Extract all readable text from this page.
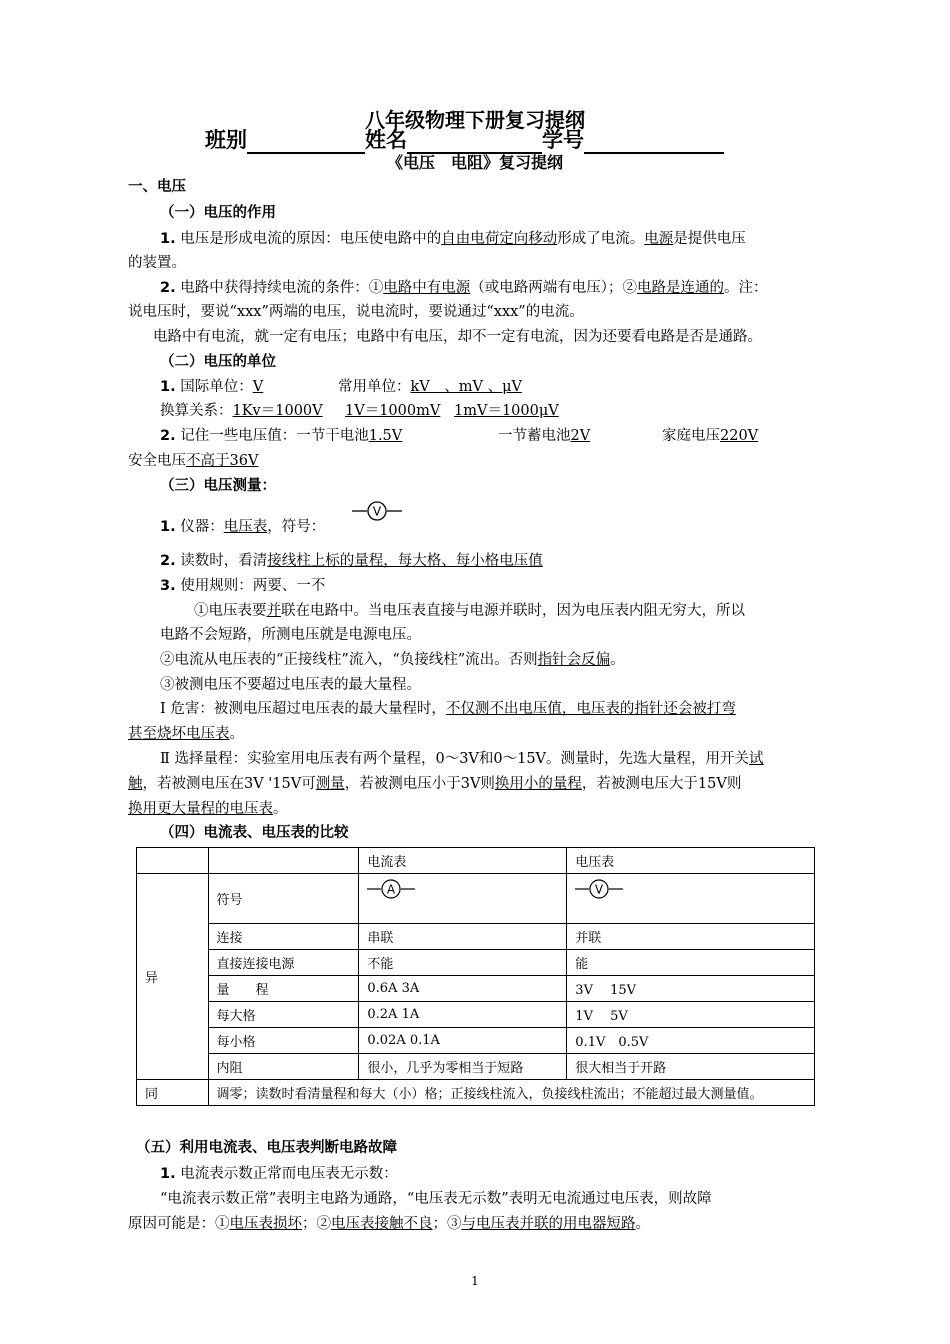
八年级物理下册复习提纲
班别	姓名	学号
《电压　电阻》复习提纲
一、电压
（一）电压的作用
1. 电压是形成电流的原因：电压使电路中的自由电荷定向移动形成了电流。电源是提供电压
的装置。
2. 电路中获得持续电流的条件：①电路中有电源（或电路两端有电压）；②电路是连通的。注：
说电压时，要说“xxx”两端的电压，说电流时，要说通过“xxx”的电流。
电路中有电流，就一定有电压；电路中有电压，却不一定有电流，因为还要看电路是否是通路。
（二）电压的单位
1. 国际单位：V	常用单位：kV　、mV 、μV
换算关系：1Kv＝1000V 1V＝1000mV 1mV＝1000μV
2. 记住一些电压值：一节干电池1.5V	一节蓄电池2V	家庭电压220V
安全电压不高于36V
（三）电压测量：
1. 仪器：电压表，符号：
V
2. 读数时，看清接线柱上标的量程，每大格、每小格电压值
3. 使用规则：两要、一不
①电压表要并联在电路中。当电压表直接与电源并联时，因为电压表内阻无穷大，所以
电路不会短路，所测电压就是电源电压。
②电流从电压表的“正接线柱”流入，“负接线柱”流出。否则指针会反偏。
③被测电压不要超过电压表的最大量程。
Ⅰ 危害：被测电压超过电压表的最大量程时，不仅测不出电压值，电压表的指针还会被打弯
甚至烧坏电压表。
Ⅱ 选择量程：实验室用电压表有两个量程，0～3V和0～15V。测量时，先选大量程，用开关试
触，若被测电压在3V '15V可测量，若被测电压小于3V则换用小的量程，若被测电压大于15V则
换用更大量程的电压表。
（四）电流表、电压表的比较
		电流表	电压表
异	符号	A	V

	连接	串联	并联
	直接连接电源	不能	能
	量　　程	0.6A 3A	3V　 15V
	每大格	0.2A 1A	1V　 5V
	每小格	0.02A 0.1A	0.1V　0.5V
	内阻	很小，几乎为零相当于短路	很大相当于开路
同	调零；读数时看清量程和每大（小）格；正接线柱流入，负接线柱流出；不能超过最大测量值。		
（五）利用电流表、电压表判断电路故障
1. 电流表示数正常而电压表无示数：
“电流表示数正常”表明主电路为通路，“电压表无示数”表明无电流通过电压表，则故障
原因可能是：①电压表损坏；②电压表接触不良；③与电压表并联的用电器短路。
1
